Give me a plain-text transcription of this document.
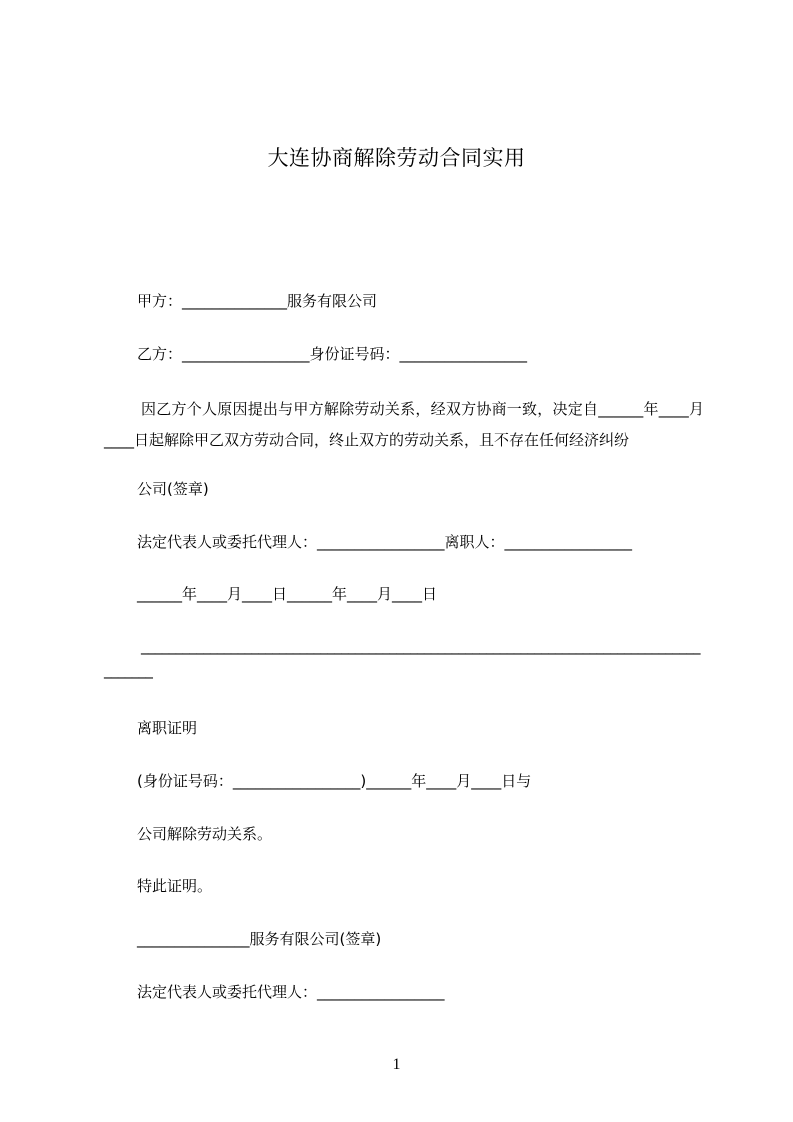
大连协商解除劳动合同实用
甲方：______________服务有限公司
乙方：_________________身份证号码：_________________
因乙方个人原因提出与甲方解除劳动关系，经双方协商一致，决定自______年____月____日起解除甲乙双方劳动合同，终止双方的劳动关系，且不存在任何经济纠纷
公司(签章)
法定代表人或委托代理人：_________________离职人：_________________
______年____月____日______年____月____日
________________________________________________________________________________________
离职证明
(身份证号码：_________________)______年____月____日与
公司解除劳动关系。
特此证明。
_______________服务有限公司(签章)
法定代表人或委托代理人：_________________
1
